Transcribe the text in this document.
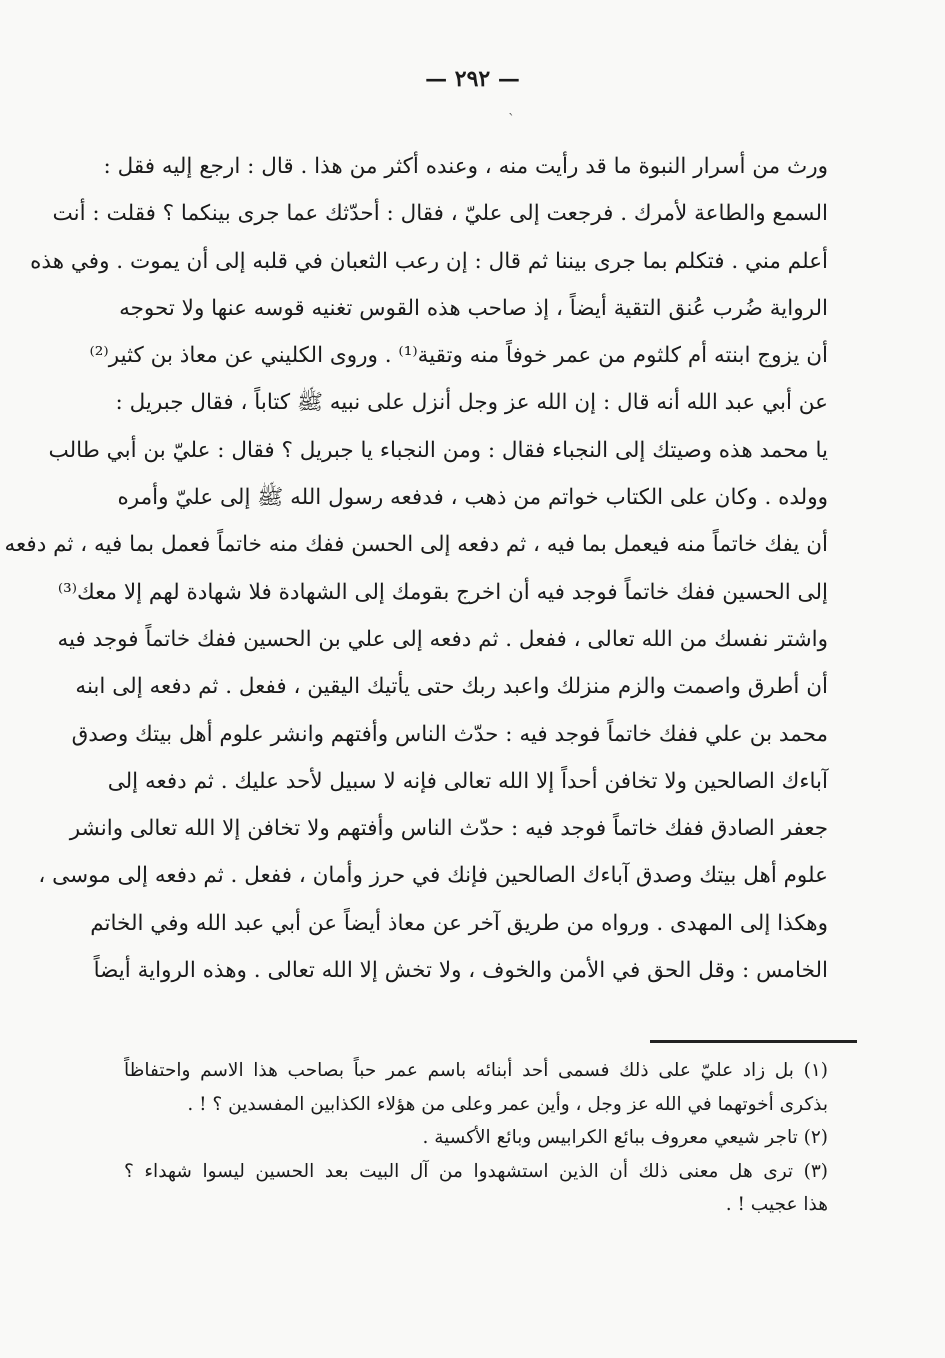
— ٢٩٢ —
`
ورث من أسرار النبوة ما قد رأيت منه ، وعنده أكثر من هذا . قال : ارجع إليه فقل :
السمع والطاعة لأمرك . فرجعت إلى عليّ ، فقال : أحدّثك عما جرى بينكما ؟ فقلت : أنت
أعلم مني . فتكلم بما جرى بيننا ثم قال : إن رعب الثعبان في قلبه إلى أن يموت . وفي هذه
الرواية ضُرب عُنق التقية أيضاً ، إذ صاحب هذه القوس تغنيه قوسه عنها ولا تحوجه
أن يزوج ابنته أم كلثوم من عمر خوفاً منه وتقية⁽¹⁾ . وروى الكليني عن معاذ بن كثير⁽²⁾
عن أبي عبد الله أنه قال : إن الله عز وجل أنزل على نبيه ﷺ كتاباً ، فقال جبريل :
يا محمد هذه وصيتك إلى النجباء فقال : ومن النجباء يا جبريل ؟ فقال : عليّ بن أبي طالب
وولده . وكان على الكتاب خواتم من ذهب ، فدفعه رسول الله ﷺ إلى عليّ وأمره
أن يفك خاتماً منه فيعمل بما فيه ، ثم دفعه إلى الحسن ففك منه خاتماً فعمل بما فيه ، ثم دفعه
إلى الحسين ففك خاتماً فوجد فيه أن اخرج بقومك إلى الشهادة فلا شهادة لهم إلا معك⁽³⁾
واشتر نفسك من الله تعالى ، ففعل . ثم دفعه إلى علي بن الحسين ففك خاتماً فوجد فيه
أن أطرق واصمت والزم منزلك واعبد ربك حتى يأتيك اليقين ، ففعل . ثم دفعه إلى ابنه
محمد بن علي ففك خاتماً فوجد فيه : حدّث الناس وأفتهم وانشر علوم أهل بيتك وصدق
آباءك الصالحين ولا تخافن أحداً إلا الله تعالى فإنه لا سبيل لأحد عليك . ثم دفعه إلى
جعفر الصادق ففك خاتماً فوجد فيه : حدّث الناس وأفتهم ولا تخافن إلا الله تعالى وانشر
علوم أهل بيتك وصدق آباءك الصالحين فإنك في حرز وأمان ، ففعل . ثم دفعه إلى موسى ،
وهكذا إلى المهدى . ورواه من طريق آخر عن معاذ أيضاً عن أبي عبد الله وفي الخاتم
الخامس : وقل الحق في الأمن والخوف ، ولا تخش إلا الله تعالى . وهذه الرواية أيضاً
(١) بل زاد عليّ على ذلك فسمى أحد أبنائه باسم عمر حباً بصاحب هذا الاسم واحتفاظاً
بذكرى أخوتهما في الله عز وجل ، وأين عمر وعلى من هؤلاء الكذابين المفسدين ؟ ! .
(٢) تاجر شيعي معروف ببائع الكرابيس وبائع الأكسية .
(٣) ترى هل معنى ذلك أن الذين استشهدوا من آل البيت بعد الحسين ليسوا شهداء ؟
هذا عجيب ! .
